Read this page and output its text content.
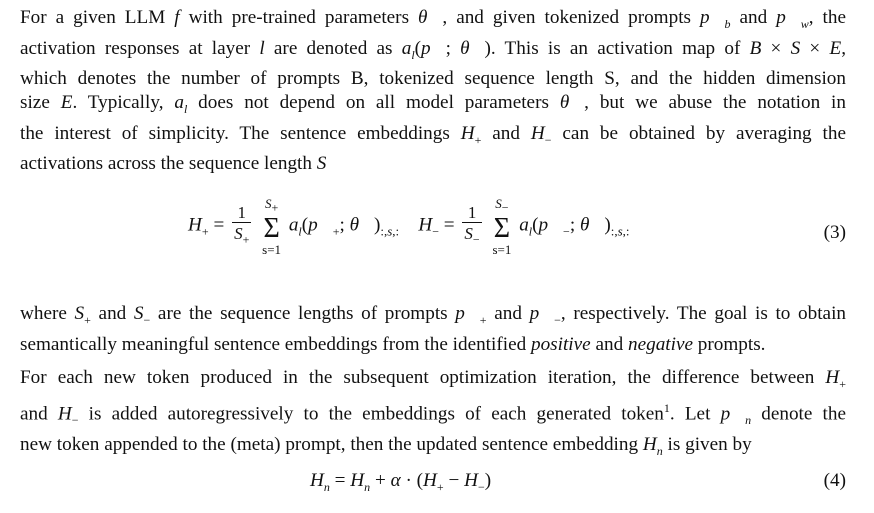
For a given LLM f with pre-trained parameters θ⃗, and given tokenized prompts $p⃗_b$ and $p⃗_w$, the
activation responses at layer l are denoted as $a_l(p⃗$; θ⃗). This is an activation map of B × S × E,
which denotes the number of prompts B, tokenized sequence length S, and the hidden dimension
size E. Typically, $a_l$ does not depend on all model parameters θ⃗, but we abuse the notation in
the interest of simplicity. The sentence embeddings $H_+$ and $H_-$ can be obtained by averaging the
activations across the sequence length S

$H_+ = \frac{1}{S_+}$
$S_+$
Σ
s=1
$a_l(p⃗_+$; $\theta⃗)_{:,s,:}$ $H_- = \frac{1}{S_-}$
$S_-$
Σ
s=1
$a_l(p⃗_-$; $\theta⃗)_{:,s,:}$	(3)

where $S_+$ and $S_-$ are the sequence lengths of prompts $p⃗_+$ and $p⃗_-$, respectively. The goal is to obtain
semantically meaningful sentence embeddings from the identified positive and negative prompts.

For each new token produced in the subsequent optimization iteration, the difference between $H_+$
and $H_-$ is added autoregressively to the embeddings of each generated token$^1$. Let $p⃗_n$ denote the
new token appended to the (meta) prompt, then the updated sentence embedding $H_n$ is given by

$H_n = H_n + \alpha \cdot (H_+ - H_-)$	(4)
